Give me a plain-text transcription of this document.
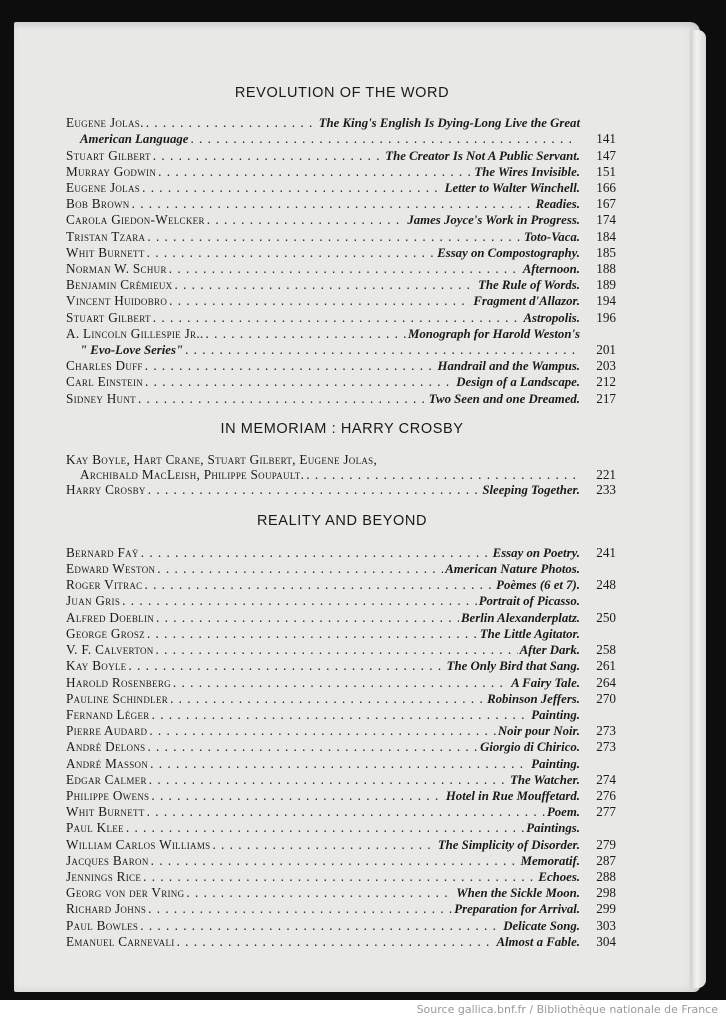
REVOLUTION OF THE WORD
Eugene Jolas. . . .	The King's English Is Dying-Long Live the Great
American Language . . .	141
Stuart Gilbert . . .	The Creator Is Not A Public Servant.	147
Murray Godwin . . .	The Wires Invisible.	151
Eugene Jolas . . .	Letter to Walter Winchell.	166
Bob Brown . . .	Readies.	167
Carola Giedon-Welcker . . .	James Joyce's Work in Progress.	174
Tristan Tzara . . .	Toto-Vaca.	184
Whit Burnett . . .	Essay on Compostography.	185
Norman W. Schur . . .	Afternoon.	188
Benjamin Crémieux . . .	The Rule of Words.	189
Vincent Huidobro . . .	Fragment d'Allazor.	194
Stuart Gilbert . . .	Astropolis.	196
A. Lincoln Gillespie Jr.. . . .	Monograph for Harold Weston's
" Evo-Love Series" . . .	201
Charles Duff . . .	Handrail and the Wampus.	203
Carl Einstein . . .	Design of a Landscape.	212
Sidney Hunt . . .	Two Seen and one Dreamed.	217
IN MEMORIAM : HARRY CROSBY
Kay Boyle, Hart Crane, Stuart Gilbert, Eugene Jolas,
Archibald MacLeish, Philippe Soupault. . . .	221
Harry Crosby . . .	Sleeping Together.	233
REALITY AND BEYOND
Bernard Faÿ . . .	Essay on Poetry.	241
Edward Weston . . .	American Nature Photos.
Roger Vitrac . . .	Poèmes (6 et 7).	248
Juan Gris . . .	Portrait of Picasso.
Alfred Doeblin . . .	Berlin Alexanderplatz.	250
George Grosz . . .	The Little Agitator.
V. F. Calverton . . .	After Dark.	258
Kay Boyle . . .	The Only Bird that Sang.	261
Harold Rosenberg . . .	A Fairy Tale.	264
Pauline Schindler . . .	Robinson Jeffers.	270
Fernand Léger . . .	Painting.
Pierre Audard . . .	Noir pour Noir.	273
André Delons . . .	Giorgio di Chirico.	273
André Masson . . .	Painting.
Edgar Calmer . . .	The Watcher.	274
Philippe Owens . . .	Hotel in Rue Mouffetard.	276
Whit Burnett . . .	Poem.	277
Paul Klee . . .	Paintings.
William Carlos Williams . . .	The Simplicity of Disorder.	279
Jacques Baron . . .	Memoratif.	287
Jennings Rice . . .	Echoes.	288
Georg von der Vring . . .	When the Sickle Moon.	298
Richard Johns . . .	Preparation for Arrival.	299
Paul Bowles . . .	Delicate Song.	303
Emanuel Carnevali . . .	Almost a Fable.	304
Source gallica.bnf.fr / Bibliothèque nationale de France
